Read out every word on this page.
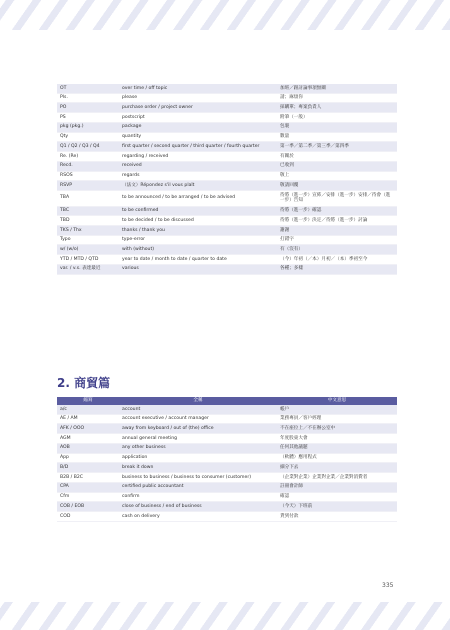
OT	over time / off topic	加班／跟討論事項無關
Pls.	please	請；麻煩你
PO	purchase order / project owner	採購單；專案負責人
PS	postscript	附筆（一般）
pkg (pkg.)	package	包裹
Qty	quantity	數量
Q1 / Q2 / Q3 / Q4	first quarter / second quarter / third quarter / fourth quarter	第一季／第二季／第三季／第四季
Re. (Re)	regarding / received	有關於
Recd.	received	已收到
RSOS	regards	敬上
RSVP	（法文）Répondez s'il vous plaît	敬請回覆
TBA	to be announced / to be arranged / to be advised	待將（進一步）宣佈／安排（進一步）安排／待會（進一步）告知
TBC	to be confirmed	待將（進一步）確認
TBD	to be decided / to be discussed	待將（進一步）決定／待將（進一步）討論
TKS / Thx	thanks / thank you	謝謝
Typo	type-error	打錯字
w/ (w/o)	with (without)	有（沒有）
YTD / MTD / QTD	year to date / month to date / quarter to date	（今）年初（／本）月初／（本）季初至今
var. / v.s. 表達最近	various	各種；多樣
2. 商貿篇
縮寫	全稱	中文意思
a/c	account	帳戶
AE / AM	account executive / account manager	業務專員／客戶經理
AFK / OOO	away from keyboard / out of (the) office	不在座位上／不在辦公室中
AGM	annual general meeting	年度股東大會
AOB	any other business	任何其他議題
App	application	（軟體）應用程式
B/D	break it down	細分下去
B2B / B2C	business to business / business to consumer (customer)	（企業對企業）企業對企業／企業對消費者
CPA	certified public accountant	註冊會計師
Cfm	confirm	確認
COB / EOB	close of business / end of business	（今天）下班前
COD	cash on delivery	貨到付款
335
